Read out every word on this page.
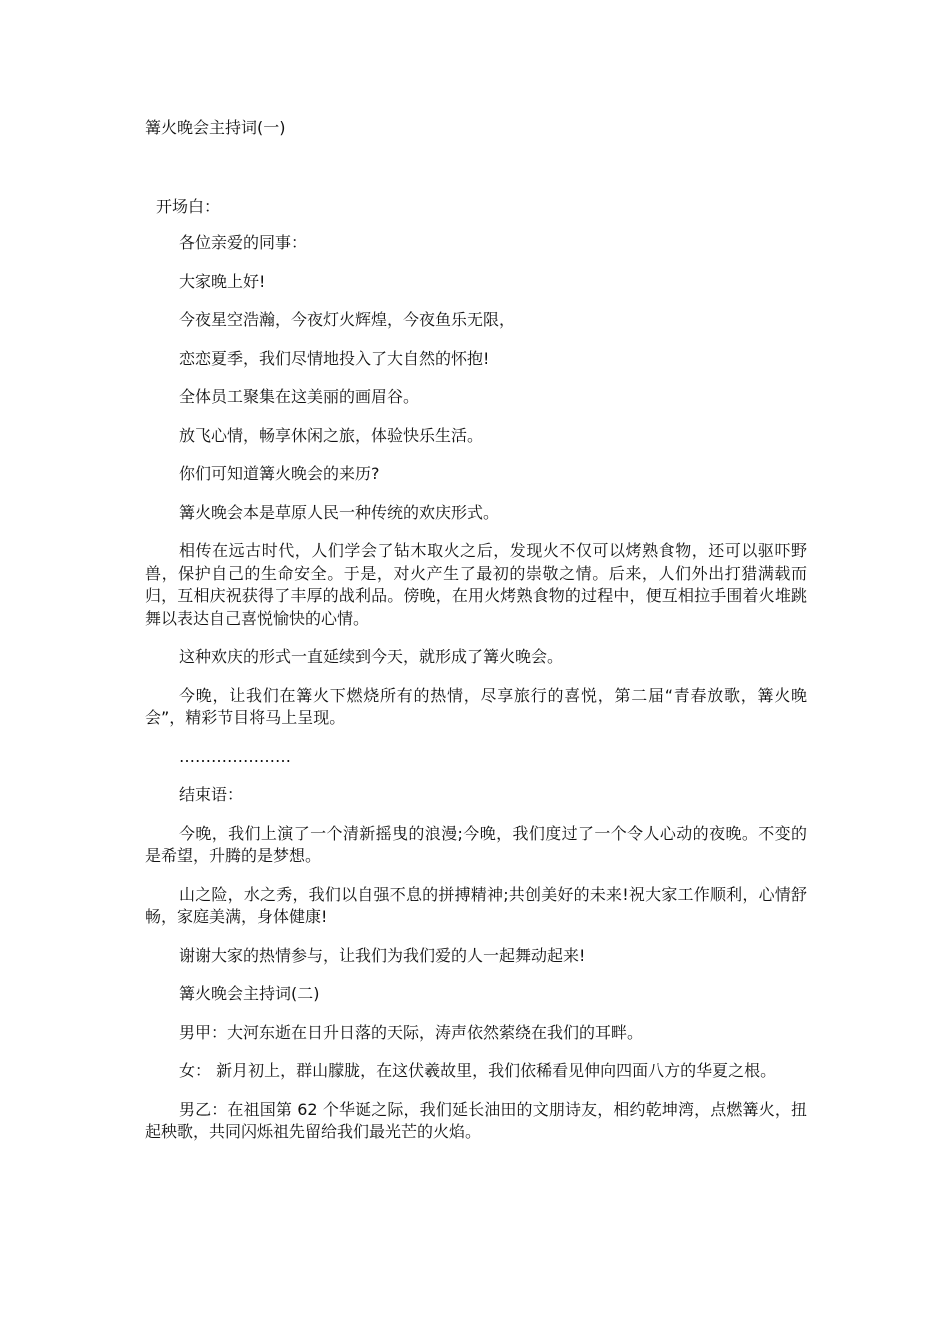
篝火晚会主持词(一)
开场白：

各位亲爱的同事：

大家晚上好!

今夜星空浩瀚，今夜灯火辉煌，今夜鱼乐无限，

恋恋夏季，我们尽情地投入了大自然的怀抱!

全体员工聚集在这美丽的画眉谷。

放飞心情，畅享休闲之旅，体验快乐生活。

你们可知道篝火晚会的来历?

篝火晚会本是草原人民一种传统的欢庆形式。

相传在远古时代，人们学会了钻木取火之后，发现火不仅可以烤熟食物，还可以驱吓野兽，保护自己的生命安全。于是，对火产生了最初的崇敬之情。后来，人们外出打猎满载而归，互相庆祝获得了丰厚的战利品。傍晚，在用火烤熟食物的过程中，便互相拉手围着火堆跳舞以表达自己喜悦愉快的心情。

这种欢庆的形式一直延续到今天，就形成了篝火晚会。

今晚，让我们在篝火下燃烧所有的热情，尽享旅行的喜悦，第二届“青春放歌，篝火晚会”，精彩节目将马上呈现。

…………………

结束语：

今晚，我们上演了一个清新摇曳的浪漫;今晚，我们度过了一个令人心动的夜晚。不变的是希望，升腾的是梦想。

山之险，水之秀，我们以自强不息的拼搏精神;共创美好的未来!祝大家工作顺利，心情舒畅，家庭美满，身体健康!

谢谢大家的热情参与，让我们为我们爱的人一起舞动起来!

篝火晚会主持词(二)

男甲：大河东逝在日升日落的天际，涛声依然萦绕在我们的耳畔。

女： 新月初上，群山朦胧，在这伏羲故里，我们依稀看见伸向四面八方的华夏之根。

男乙：在祖国第 62 个华诞之际，我们延长油田的文朋诗友，相约乾坤湾，点燃篝火，扭起秧歌，共同闪烁祖先留给我们最光芒的火焰。
